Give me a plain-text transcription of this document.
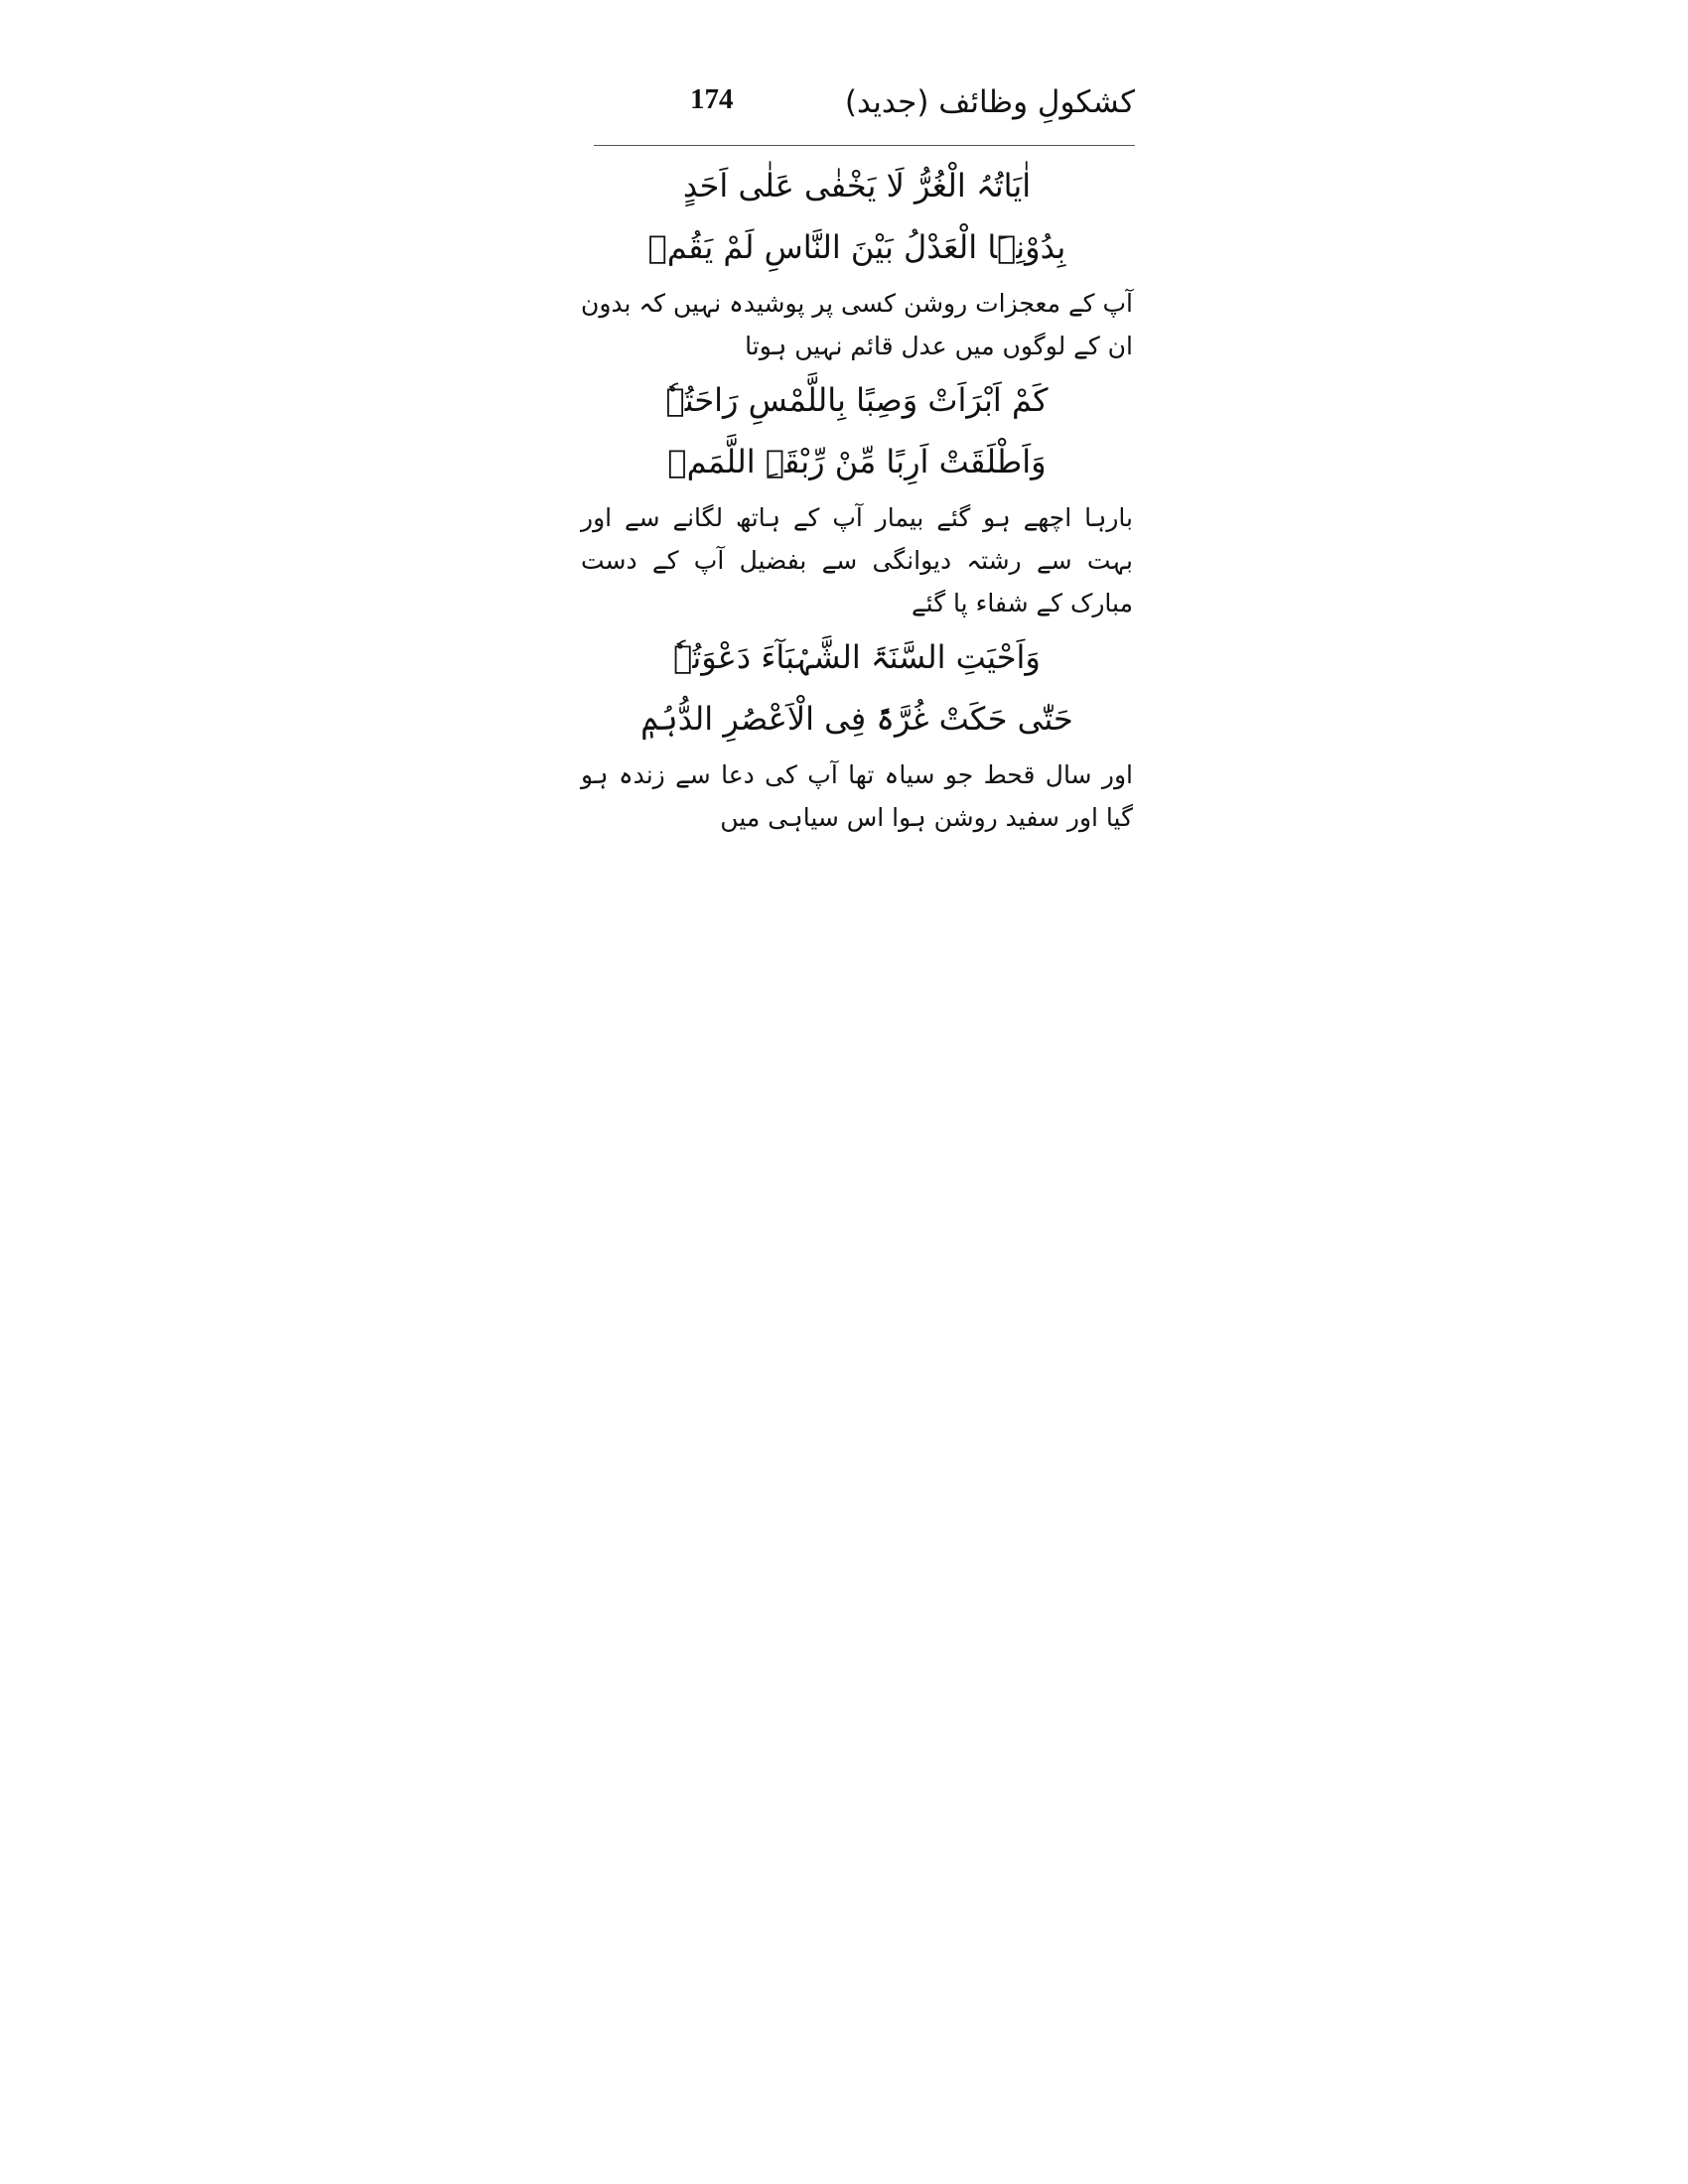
174	کشکولِ وظائف (جدید)
اٰیَاتُہُ الْغُرُّ لَا یَخْفٰی عَلٰی اَحَدٍ
بِدُوْنِہَا الْعَدْلُ بَیْنَ النَّاسِ لَمْ یَقُمٖ
آپ کے معجزات روشن کسی پر پوشیدہ نہیں کہ بدون ان کے لوگوں میں عدل قائم نہیں ہوتا
کَمْ اَبْرَاَتْ وَصِبًا بِاللَّمْسِ رَاحَتُہٗ
وَاَطْلَقَتْ اَرِبًا مِّنْ رِّبْقَۃِ اللَّمَمٖ
بارہا اچھے ہو گئے بیمار آپ کے ہاتھ لگانے سے اور بہت سے رشتہ دیوانگی سے بفضیل آپ کے دست مبارک کے شفاء پا گئے
وَاَحْیَتِ السَّنَۃَ الشَّہْبَآءَ دَعْوَتُہٗ
حَتّٰی حَکَتْ غُرَّۃً فِی الْاَعْصُرِ الدُّہُمٖ
اور سال قحط جو سیاہ تھا آپ کی دعا سے زندہ ہو گیا اور سفید روشن ہوا اس سیاہی میں
